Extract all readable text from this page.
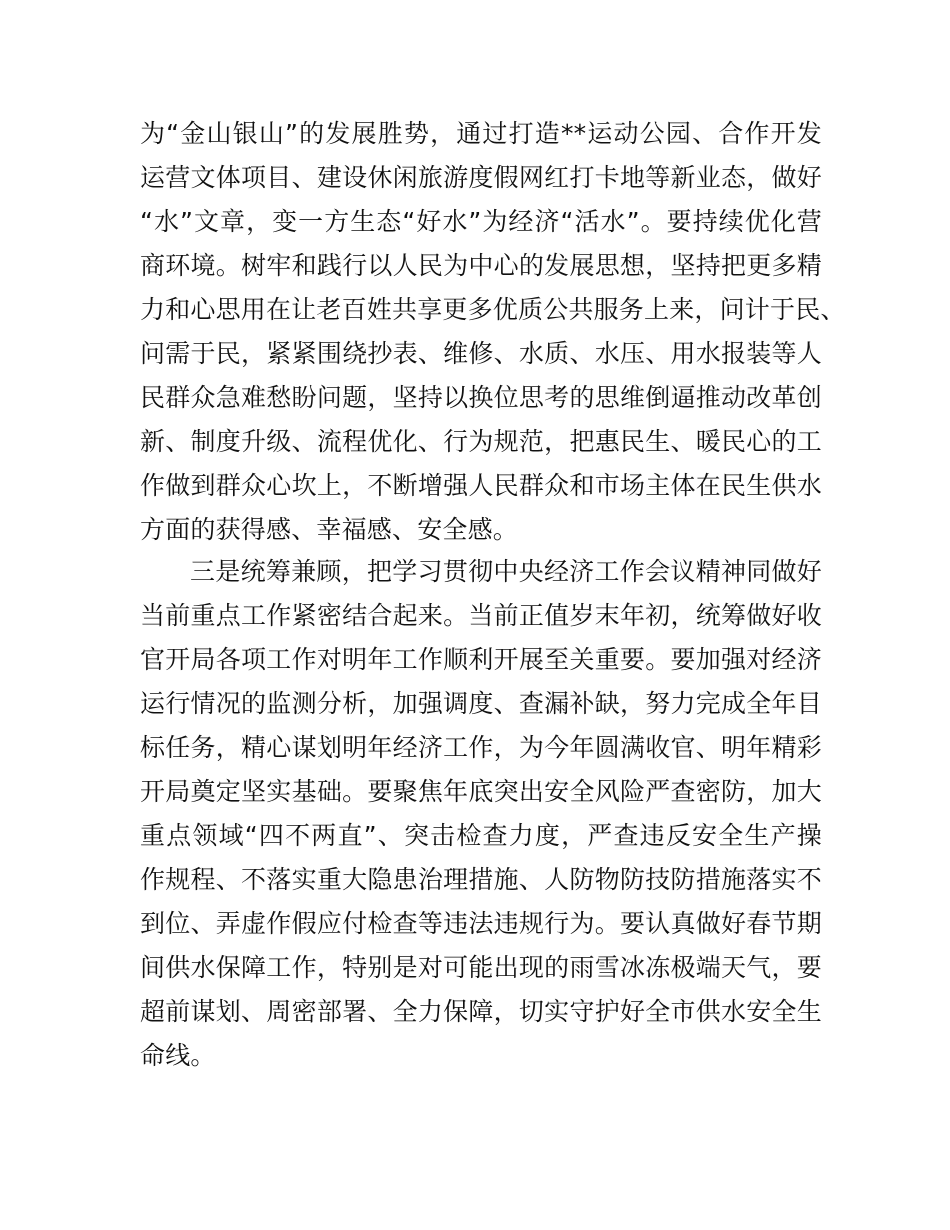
为“金山银山”的发展胜势，通过打造**运动公园、合作开发
运营文体项目、建设休闲旅游度假网红打卡地等新业态，做好
“水”文章，变一方生态“好水”为经济“活水”。要持续优化营
商环境。树牢和践行以人民为中心的发展思想，坚持把更多精
力和心思用在让老百姓共享更多优质公共服务上来，问计于民、
问需于民，紧紧围绕抄表、维修、水质、水压、用水报装等人
民群众急难愁盼问题，坚持以换位思考的思维倒逼推动改革创
新、制度升级、流程优化、行为规范，把惠民生、暖民心的工
作做到群众心坎上，不断增强人民群众和市场主体在民生供水
方面的获得感、幸福感、安全感。
三是统筹兼顾，把学习贯彻中央经济工作会议精神同做好
当前重点工作紧密结合起来。当前正值岁末年初，统筹做好收
官开局各项工作对明年工作顺利开展至关重要。要加强对经济
运行情况的监测分析，加强调度、查漏补缺，努力完成全年目
标任务，精心谋划明年经济工作，为今年圆满收官、明年精彩
开局奠定坚实基础。要聚焦年底突出安全风险严查密防，加大
重点领域“四不两直”、突击检查力度，严查违反安全生产操
作规程、不落实重大隐患治理措施、人防物防技防措施落实不
到位、弄虚作假应付检查等违法违规行为。要认真做好春节期
间供水保障工作，特别是对可能出现的雨雪冰冻极端天气，要
超前谋划、周密部署、全力保障，切实守护好全市供水安全生
命线。
